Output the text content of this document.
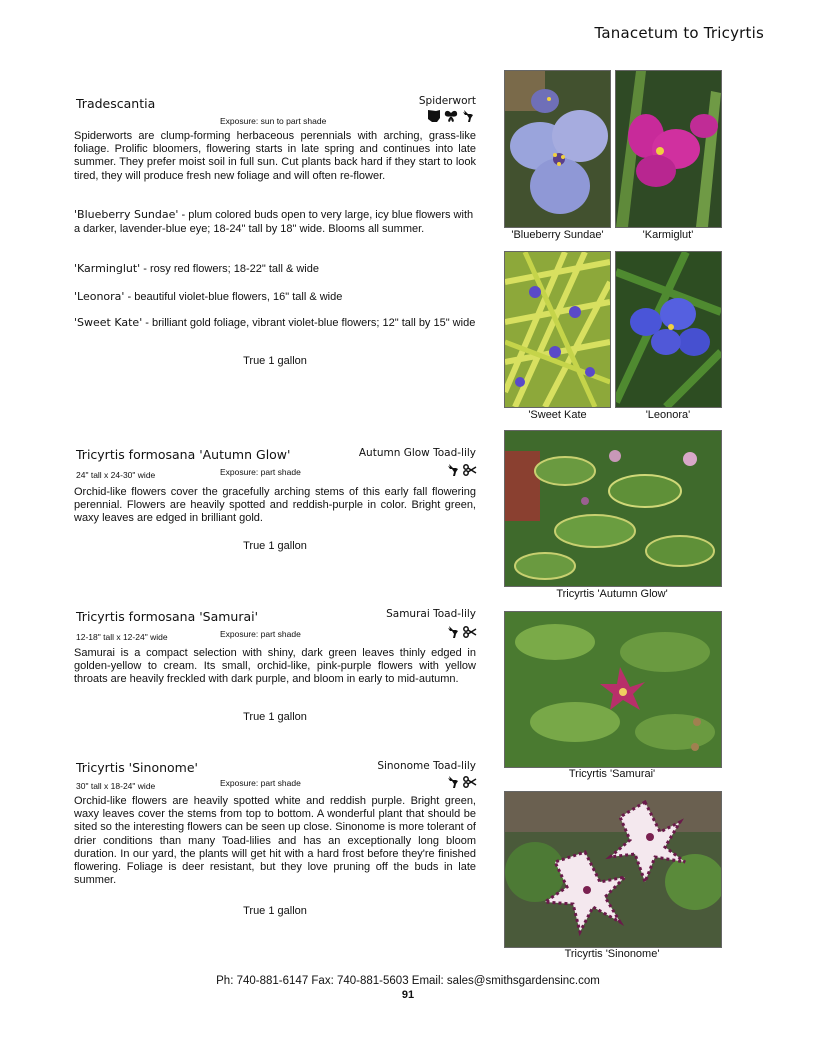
Tanacetum to Tricyrtis
Tradescantia	Spiderwort
Exposure: sun to part shade
Spiderworts are clump-forming herbaceous perennials with arching, grass-like foliage. Prolific bloomers, flowering starts in late spring and continues into late summer. They prefer moist soil in full sun. Cut plants back hard if they start to look tired, they will produce fresh new foliage and will often re-flower.
'Blueberry Sundae' - plum colored buds open to very large, icy blue flowers with a darker, lavender-blue eye; 18-24" tall by 18" wide. Blooms all summer.
'Karminglut' - rosy red flowers; 18-22" tall & wide
'Leonora' - beautiful violet-blue flowers, 16" tall & wide
'Sweet Kate' - brilliant gold foliage, vibrant violet-blue flowers; 12" tall by 15" wide
True 1 gallon
Tricyrtis formosana 'Autumn Glow'	Autumn Glow Toad-lily
24" tall x 24-30" wide	Exposure: part shade
Orchid-like flowers cover the gracefully arching stems of this early fall flowering perennial. Flowers are heavily spotted and reddish-purple in color. Bright green, waxy leaves are edged in brilliant gold.
True 1 gallon
Tricyrtis formosana 'Samurai'	Samurai Toad-lily
12-18" tall x 12-24" wide	Exposure: part shade
Samurai is a compact selection with shiny, dark green leaves thinly edged in golden-yellow to cream. Its small, orchid-like, pink-purple flowers with yellow throats are heavily freckled with dark purple, and bloom in early to mid-autumn.
True 1 gallon
Tricyrtis 'Sinonome'	Sinonome Toad-lily
30" tall x 18-24" wide	Exposure: part shade
Orchid-like flowers are heavily spotted white and reddish purple. Bright green, waxy leaves cover the stems from top to bottom. A wonderful plant that should be sited so the interesting flowers can be seen up close. Sinonome is more tolerant of drier conditions than many Toad-lilies and has an exceptionally long bloom duration. In our yard, the plants will get hit with a hard frost before they're finished flowering. Foliage is deer resistant, but they love pruning off the buds in late summer.
True 1 gallon
'Blueberry Sundae'	'Karmiglut'
'Sweet Kate	'Leonora'
Tricyrtis 'Autumn Glow'
Tricyrtis 'Samurai'
Tricyrtis 'Sinonome'
Ph: 740-881-6147 Fax: 740-881-5603 Email: sales@smithsgardensinc.com
91
